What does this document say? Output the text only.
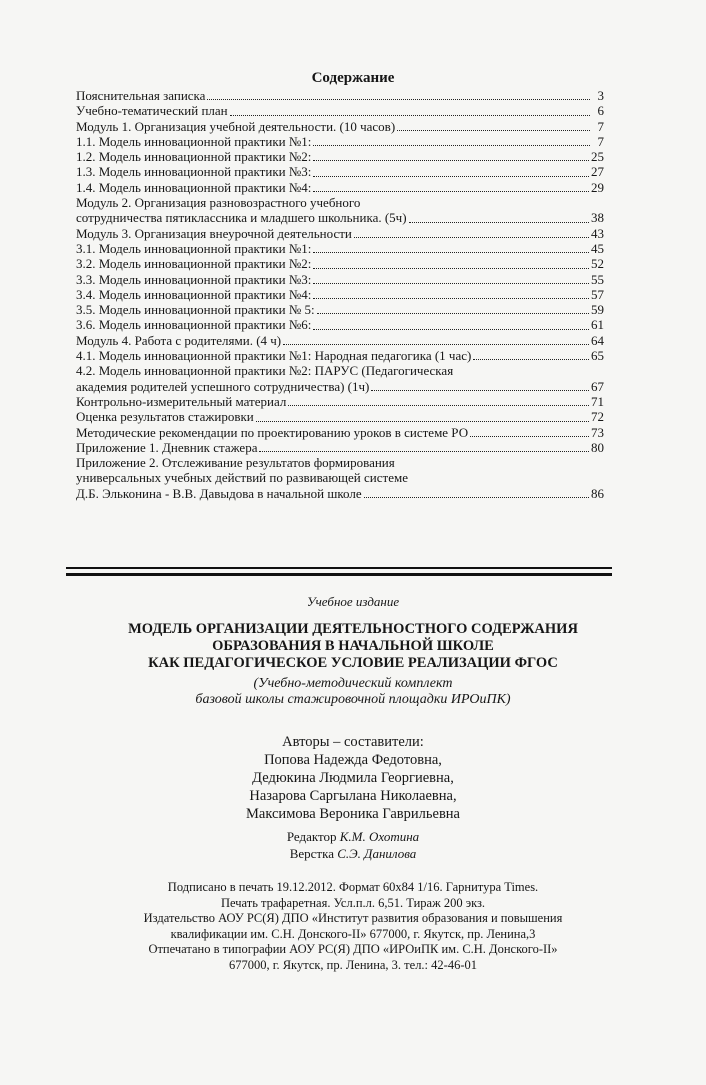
Содержание
Пояснительная записка	3
Учебно-тематический план	6
Модуль 1. Организация учебной деятельности. (10 часов)	7
1.1. Модель инновационной практики №1:	7
1.2. Модель инновационной практики №2:	25
1.3. Модель инновационной практики №3:	27
1.4. Модель инновационной практики №4:	29
Модуль 2. Организация разновозрастного учебного
сотрудничества пятиклассника и младшего школьника. (5ч)	38
Модуль 3. Организация внеурочной деятельности	43
3.1. Модель инновационной практики №1:	45
3.2. Модель инновационной практики №2:	52
3.3. Модель инновационной практики №3:	55
3.4. Модель инновационной практики №4:	57
3.5. Модель инновационной практики № 5:	59
3.6. Модель инновационной практики №6:	61
Модуль 4. Работа с родителями. (4 ч)	64
4.1. Модель инновационной практики №1: Народная педагогика (1 час)	65
4.2. Модель инновационной практики №2: ПАРУС (Педагогическая
академия родителей успешного сотрудничества) (1ч)	67
Контрольно-измерительный материал	71
Оценка результатов стажировки	72
Методические рекомендации по проектированию уроков в системе РО	73
Приложение 1. Дневник стажера	80
Приложение 2. Отслеживание результатов формирования
универсальных учебных действий по развивающей системе
Д.Б. Эльконина - В.В. Давыдова в начальной школе	86
Учебное издание
МОДЕЛЬ ОРГАНИЗАЦИИ ДЕЯТЕЛЬНОСТНОГО СОДЕРЖАНИЯ
ОБРАЗОВАНИЯ В НАЧАЛЬНОЙ ШКОЛЕ
КАК ПЕДАГОГИЧЕСКОЕ УСЛОВИЕ РЕАЛИЗАЦИИ ФГОС
(Учебно-методический комплект
базовой школы стажировочной площадки ИРОиПК)
Авторы – составители:
Попова Надежда Федотовна,
Дедюкина Людмила Георгиевна,
Назарова Саргылана Николаевна,
Максимова Вероника Гаврильевна
Редактор К.М. Охотина
Верстка С.Э. Данилова
Подписано в печать 19.12.2012. Формат 60х84 1/16. Гарнитура Times.
Печать трафаретная. Усл.п.л. 6,51. Тираж 200 экз.
Издательство АОУ РС(Я) ДПО «Институт развития образования и повышения
квалификации им. С.Н. Донского-II» 677000, г. Якутск, пр. Ленина,3
Отпечатано в типографии АОУ РС(Я) ДПО «ИРОиПК им. С.Н. Донского-II»
677000, г. Якутск, пр. Ленина, 3. тел.: 42-46-01
